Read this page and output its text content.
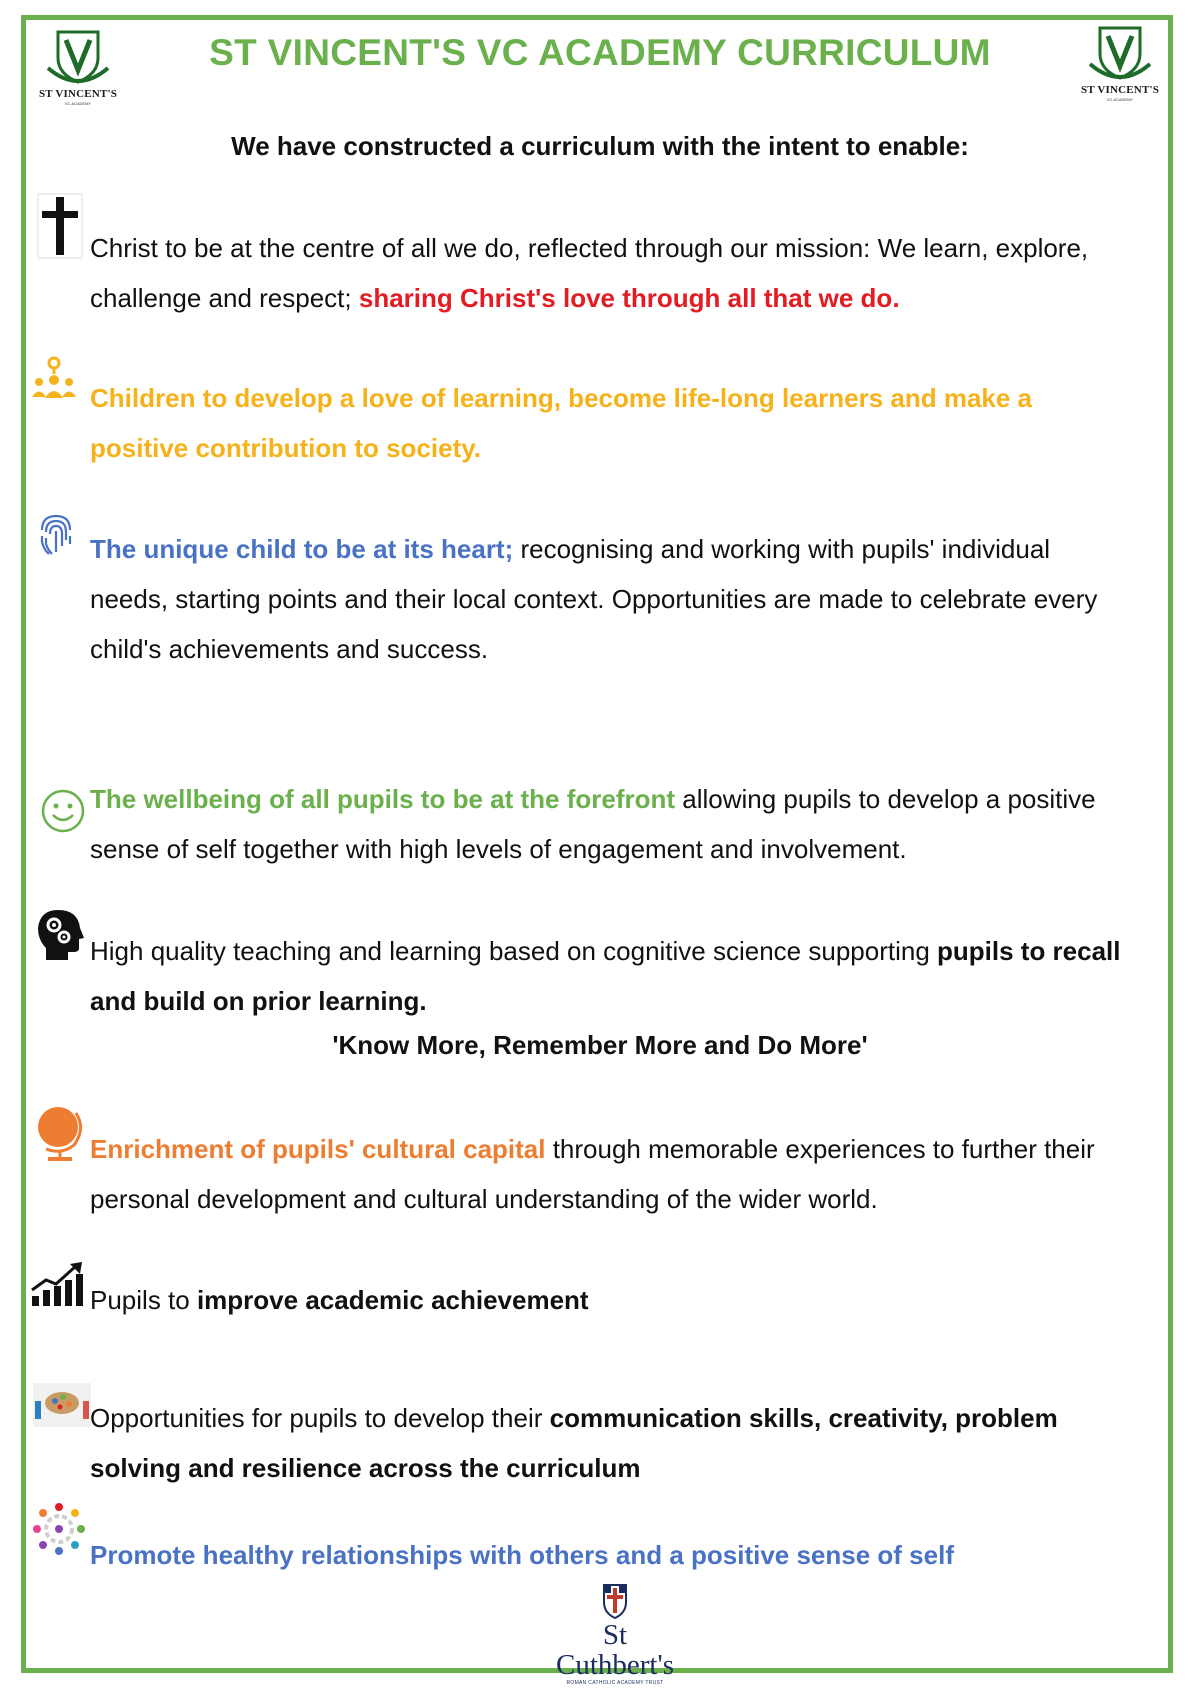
ST VINCENT'S
VC ACADEMY
ST VINCENT'S
VC ACADEMY
ST VINCENT'S VC ACADEMY CURRICULUM
We have constructed a curriculum with the intent to enable:
Christ to be at the centre of all we do, reflected through our mission: We learn, explore, challenge and respect; sharing Christ's love through all that we do.
Children to develop a love of learning, become life-long learners and make a positive contribution to society.
The unique child to be at its heart; recognising and working with pupils' individual needs, starting points and their local context. Opportunities are made to celebrate every child's achievements and success.
The wellbeing of all pupils to be at the forefront allowing pupils to develop a positive sense of self together with high levels of engagement and involvement.
High quality teaching and learning based on cognitive science supporting pupils to recall and build on prior learning.
'Know More, Remember More and Do More'
Enrichment of pupils' cultural capital through memorable experiences to further their personal development and cultural understanding of the wider world.
Pupils to improve academic achievement
Opportunities for pupils to develop their communication skills, creativity, problem solving and resilience across the curriculum
Promote healthy relationships with others and a positive sense of self
St Cuthbert's
ROMAN CATHOLIC ACADEMY TRUST
